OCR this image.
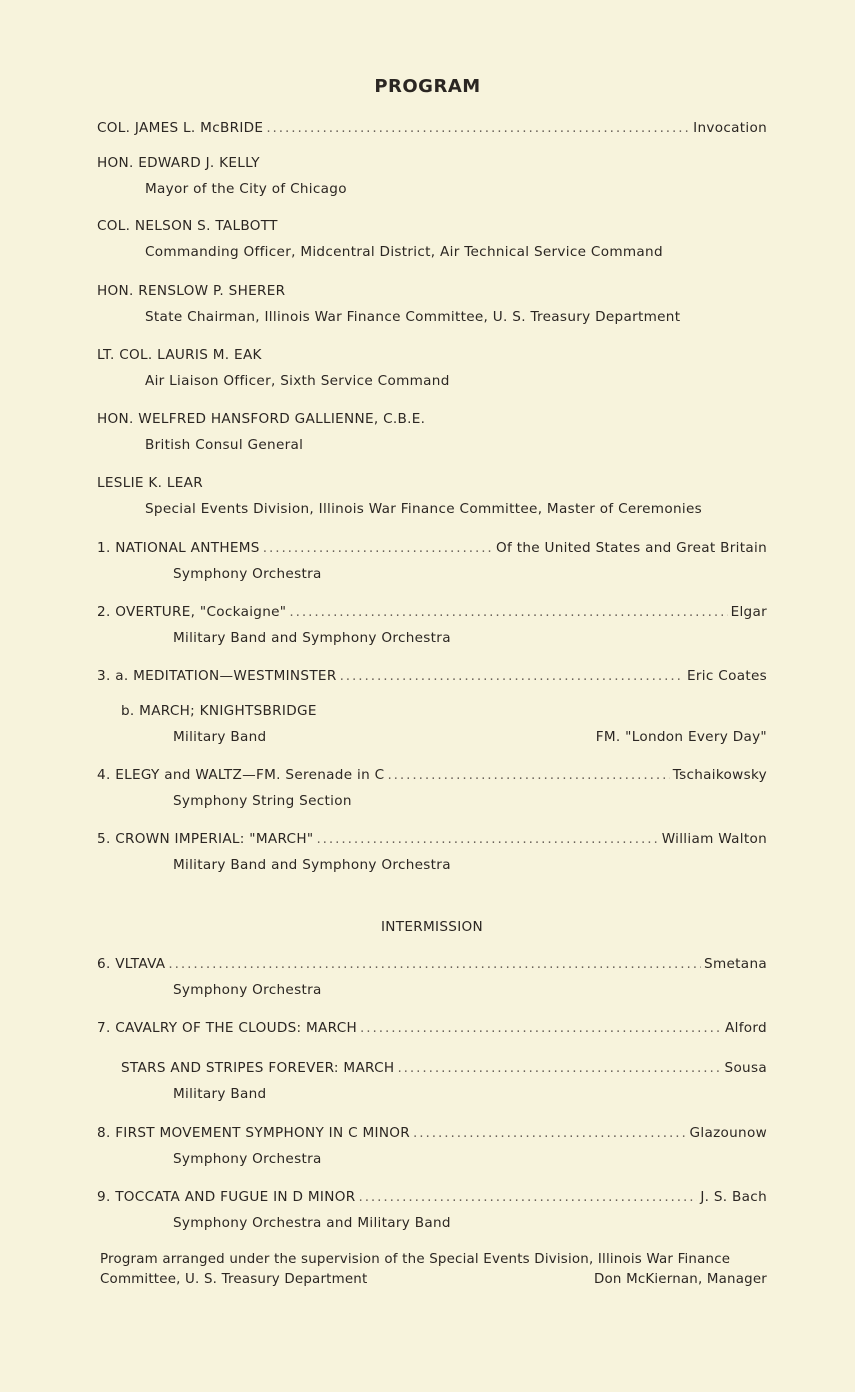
PROGRAM
COL. JAMES L. McBRIDE . . .	Invocation
HON. EDWARD J. KELLY
Mayor of the City of Chicago
COL. NELSON S. TALBOTT
Commanding Officer, Midcentral District, Air Technical Service Command
HON. RENSLOW P. SHERER
State Chairman, Illinois War Finance Committee, U. S. Treasury Department
LT. COL. LAURIS M. EAK
Air Liaison Officer, Sixth Service Command
HON. WELFRED HANSFORD GALLIENNE, C.B.E.
British Consul General
LESLIE K. LEAR
Special Events Division, Illinois War Finance Committee, Master of Ceremonies
1. NATIONAL ANTHEMS . . .	Of the United States and Great Britain
Symphony Orchestra
2. OVERTURE, "Cockaigne" . . .	Elgar
Military Band and Symphony Orchestra
3. a. MEDITATION—WESTMINSTER . . .	Eric Coates
b. MARCH; KNIGHTSBRIDGE
Military Band	FM. "London Every Day"
4. ELEGY and WALTZ—FM. Serenade in C . . .	Tschaikowsky
Symphony String Section
5. CROWN IMPERIAL: "MARCH" . . .	William Walton
Military Band and Symphony Orchestra
INTERMISSION
6. VLTAVA . . .	Smetana
Symphony Orchestra
7. CAVALRY OF THE CLOUDS: MARCH . . .	Alford
STARS AND STRIPES FOREVER: MARCH . . .	Sousa
Military Band
8. FIRST MOVEMENT SYMPHONY IN C MINOR . . .	Glazounow
Symphony Orchestra
9. TOCCATA AND FUGUE IN D MINOR . . .	J. S. Bach
Symphony Orchestra and Military Band
Program arranged under the supervision of the Special Events Division, Illinois War Finance
Committee, U. S. Treasury Department	Don McKiernan, Manager
